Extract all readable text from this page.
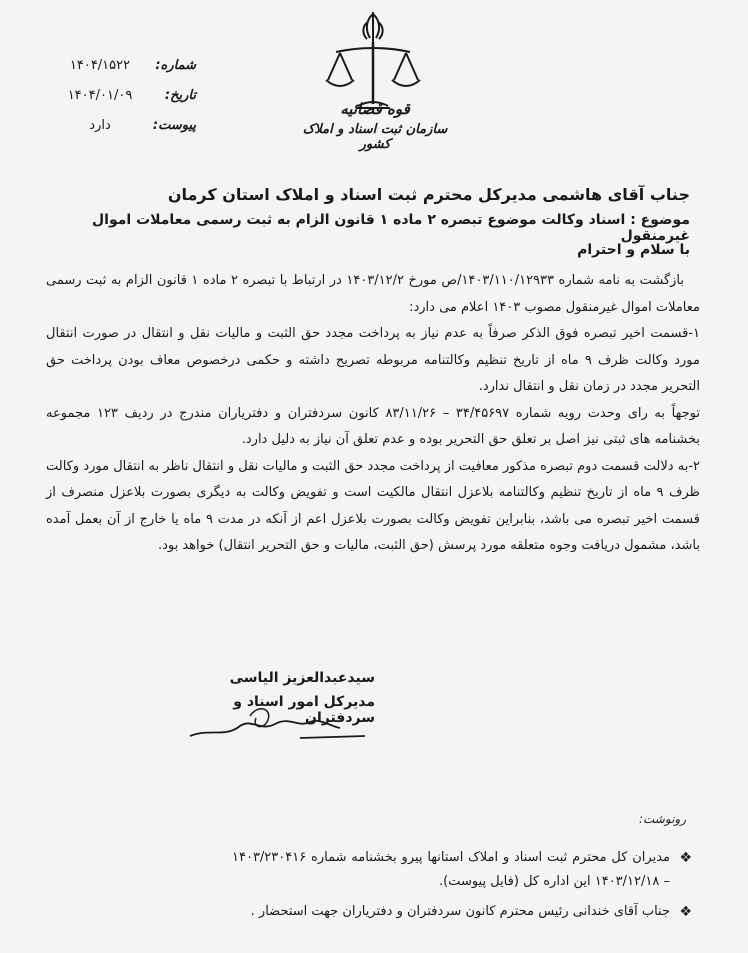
۱۴۰۴/۱۵۲۲	شماره:
۱۴۰۴/۰۱/۰۹	تاریخ:
دارد	پیوست:
قوه قضائیه
سازمان ثبت اسناد و املاک کشور
جناب آقای هاشمی مدیرکل محترم ثبت اسناد و املاک استان کرمان
موضوع : اسناد وکالت موضوع تبصره ۲ ماده ۱ قانون الزام به ثبت رسمی معاملات اموال غیرمنقول
با سلام و احترام

بازگشت به نامه شماره ۱۴۰۳/۱۱۰/۱۲۹۳۳/ص مورخ ۱۴۰۳/۱۲/۲ در ارتباط با تبصره ۲ ماده ۱ قانون الزام به ثبت رسمی معاملات اموال غیرمنقول مصوب ۱۴۰۳ اعلام می دارد:

۱-قسمت اخیر تبصره فوق الذکر صرفاً به عدم نیاز به پرداخت مجدد حق الثبت و مالیات نقل و انتقال در صورت انتقال مورد وکالت ظرف ۹ ماه از تاریخ تنظیم وکالتنامه مربوطه تصریح داشته و حکمی درخصوص معاف بودن پرداخت حق التحریر مجدد در زمان نقل و انتقال ندارد.

توجهاً به رای وحدت رویه شماره ۳۴/۴۵۶۹۷ – ۸۳/۱۱/۲۶ کانون سردفتران و دفتریاران مندرج در ردیف ۱۲۳ مجموعه بخشنامه های ثبتی نیز اصل بر تعلق حق التحریر بوده و عدم تعلق آن نیاز به دلیل دارد.

۲-به دلالت قسمت دوم تبصره مذکور معافیت از پرداخت مجدد حق الثبت و مالیات نقل و انتقال ناظر به انتقال مورد وکالت ظرف ۹ ماه از تاریخ تنظیم وکالتنامه بلاعزل انتقال مالکیت است و تفویض وکالت به دیگری بصورت بلاعزل منصرف از قسمت اخیر تبصره می باشد، بنابراین تفویض وکالت بصورت بلاعزل اعم از آنکه در مدت ۹ ماه یا خارج از آن بعمل آمده باشد، مشمول دریافت وجوه متعلقه مورد پرسش (حق الثبت، مالیات و حق التحریر انتقال) خواهد بود.

سیدعبدالعزیز الیاسی
مدیرکل امور اسناد و سردفتران
رونوشت:
❖
مدیران کل محترم ثبت اسناد و املاک استانها پیرو بخشنامه شماره ۱۴۰۳/۲۳۰۴۱۶ – ۱۴۰۳/۱۲/۱۸ این اداره کل (فایل پیوست).
❖
جناب آقای خندانی رئیس محترم کانون سردفتران و دفتریاران جهت استحضار .
